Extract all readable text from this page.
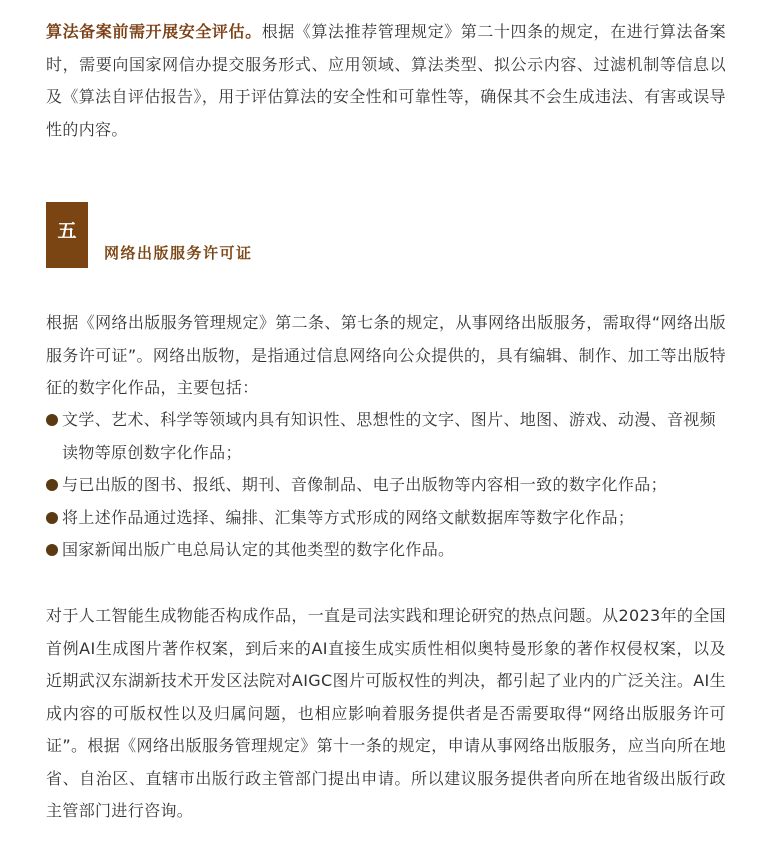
算法备案前需开展安全评估。根据《算法推荐管理规定》第二十四条的规定，在进行算法备案时，需要向国家网信办提交服务形式、应用领域、算法类型、拟公示内容、过滤机制等信息以及《算法自评估报告》，用于评估算法的安全性和可靠性等，确保其不会生成违法、有害或误导性的内容。
五
网络出版服务许可证
根据《网络出版服务管理规定》第二条、第七条的规定，从事网络出版服务，需取得“网络出版服务许可证”。网络出版物，是指通过信息网络向公众提供的，具有编辑、制作、加工等出版特征的数字化作品，主要包括：
文学、艺术、科学等领域内具有知识性、思想性的文字、图片、地图、游戏、动漫、音视频读物等原创数字化作品；
与已出版的图书、报纸、期刊、音像制品、电子出版物等内容相一致的数字化作品；
将上述作品通过选择、编排、汇集等方式形成的网络文献数据库等数字化作品；
国家新闻出版广电总局认定的其他类型的数字化作品。
对于人工智能生成物能否构成作品，一直是司法实践和理论研究的热点问题。从2023年的全国首例AI生成图片著作权案，到后来的AI直接生成实质性相似奥特曼形象的著作权侵权案，以及近期武汉东湖新技术开发区法院对AIGC图片可版权性的判决，都引起了业内的广泛关注。AI生成内容的可版权性以及归属问题，也相应影响着服务提供者是否需要取得“网络出版服务许可证”。根据《网络出版服务管理规定》第十一条的规定，申请从事网络出版服务，应当向所在地省、自治区、直辖市出版行政主管部门提出申请。所以建议服务提供者向所在地省级出版行政主管部门进行咨询。
